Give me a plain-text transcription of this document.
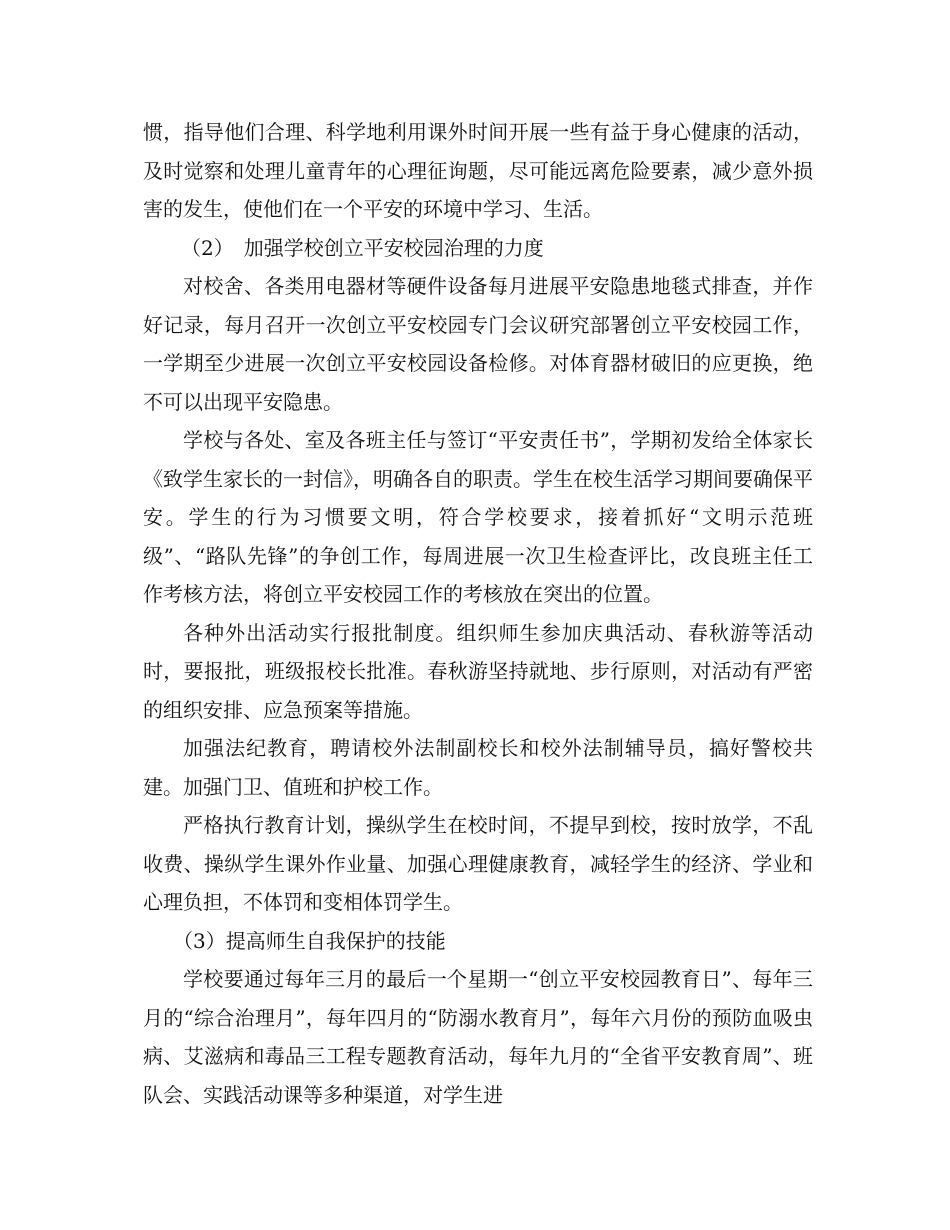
惯，指导他们合理、科学地利用课外时间开展一些有益于身心健康的活动，及时觉察和处理儿童青年的心理征询题，尽可能远离危险要素，减少意外损害的发生，使他们在一个平安的环境中学习、生活。

（2）　加强学校创立平安校园治理的力度

对校舍、各类用电器材等硬件设备每月进展平安隐患地毯式排查，并作好记录，每月召开一次创立平安校园专门会议研究部署创立平安校园工作，一学期至少进展一次创立平安校园设备检修。对体育器材破旧的应更换，绝不可以出现平安隐患。

学校与各处、室及各班主任与签订“平安责任书”，学期初发给全体家长《致学生家长的一封信》，明确各自的职责。学生在校生活学习期间要确保平安。学生的行为习惯要文明，符合学校要求，接着抓好“文明示范班级”、“路队先锋”的争创工作，每周进展一次卫生检查评比，改良班主任工作考核方法，将创立平安校园工作的考核放在突出的位置。

各种外出活动实行报批制度。组织师生参加庆典活动、春秋游等活动时，要报批，班级报校长批准。春秋游坚持就地、步行原则，对活动有严密的组织安排、应急预案等措施。

加强法纪教育，聘请校外法制副校长和校外法制辅导员，搞好警校共建。加强门卫、值班和护校工作。

严格执行教育计划，操纵学生在校时间，不提早到校，按时放学，不乱收费、操纵学生课外作业量、加强心理健康教育，减轻学生的经济、学业和心理负担，不体罚和变相体罚学生。

（3）提高师生自我保护的技能

学校要通过每年三月的最后一个星期一“创立平安校园教育日”、每年三月的“综合治理月”，每年四月的“防溺水教育月”，每年六月份的预防血吸虫病、艾滋病和毒品三工程专题教育活动，每年九月的“全省平安教育周”、班队会、实践活动课等多种渠道，对学生进
